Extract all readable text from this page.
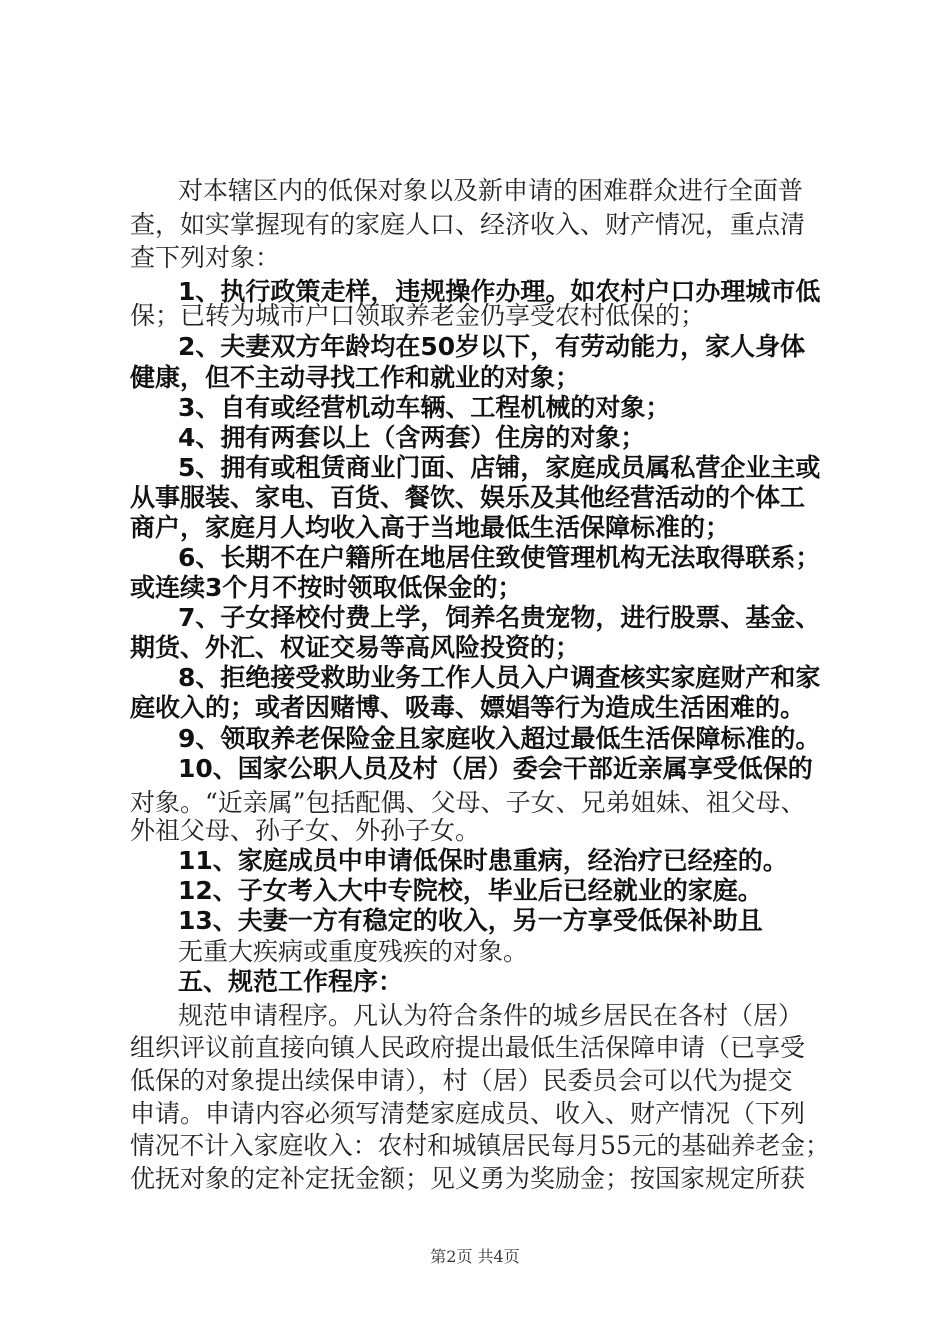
对本辖区内的低保对象以及新申请的困难群众进行全面普
查，如实掌握现有的家庭人口、经济收入、财产情况，重点清
查下列对象：
1、执行政策走样，违规操作办理。如农村户口办理城市低
保；已转为城市户口领取养老金仍享受农村低保的；
2、夫妻双方年龄均在50岁以下，有劳动能力，家人身体
健康，但不主动寻找工作和就业的对象；
3、自有或经营机动车辆、工程机械的对象；
4、拥有两套以上（含两套）住房的对象；
5、拥有或租赁商业门面、店铺，家庭成员属私营企业主或
从事服装、家电、百货、餐饮、娱乐及其他经营活动的个体工
商户，家庭月人均收入高于当地最低生活保障标准的；
6、长期不在户籍所在地居住致使管理机构无法取得联系；
或连续3个月不按时领取低保金的；
7、子女择校付费上学，饲养名贵宠物，进行股票、基金、
期货、外汇、权证交易等高风险投资的；
8、拒绝接受救助业务工作人员入户调查核实家庭财产和家
庭收入的；或者因赌博、吸毒、嫖娼等行为造成生活困难的。
9、领取养老保险金且家庭收入超过最低生活保障标准的。
10、国家公职人员及村（居）委会干部近亲属享受低保的
对象。“近亲属”包括配偶、父母、子女、兄弟姐妹、祖父母、
外祖父母、孙子女、外孙子女。
11、家庭成员中申请低保时患重病，经治疗已经痊的。
12、子女考入大中专院校，毕业后已经就业的家庭。
13、夫妻一方有稳定的收入，另一方享受低保补助且
无重大疾病或重度残疾的对象。
五、规范工作程序：
规范申请程序。凡认为符合条件的城乡居民在各村（居）
组织评议前直接向镇人民政府提出最低生活保障申请（已享受
低保的对象提出续保申请），村（居）民委员会可以代为提交
申请。申请内容必须写清楚家庭成员、收入、财产情况（下列
情况不计入家庭收入：农村和城镇居民每月55元的基础养老金；
优抚对象的定补定抚金额；见义勇为奖励金；按国家规定所获
第2页 共4页
